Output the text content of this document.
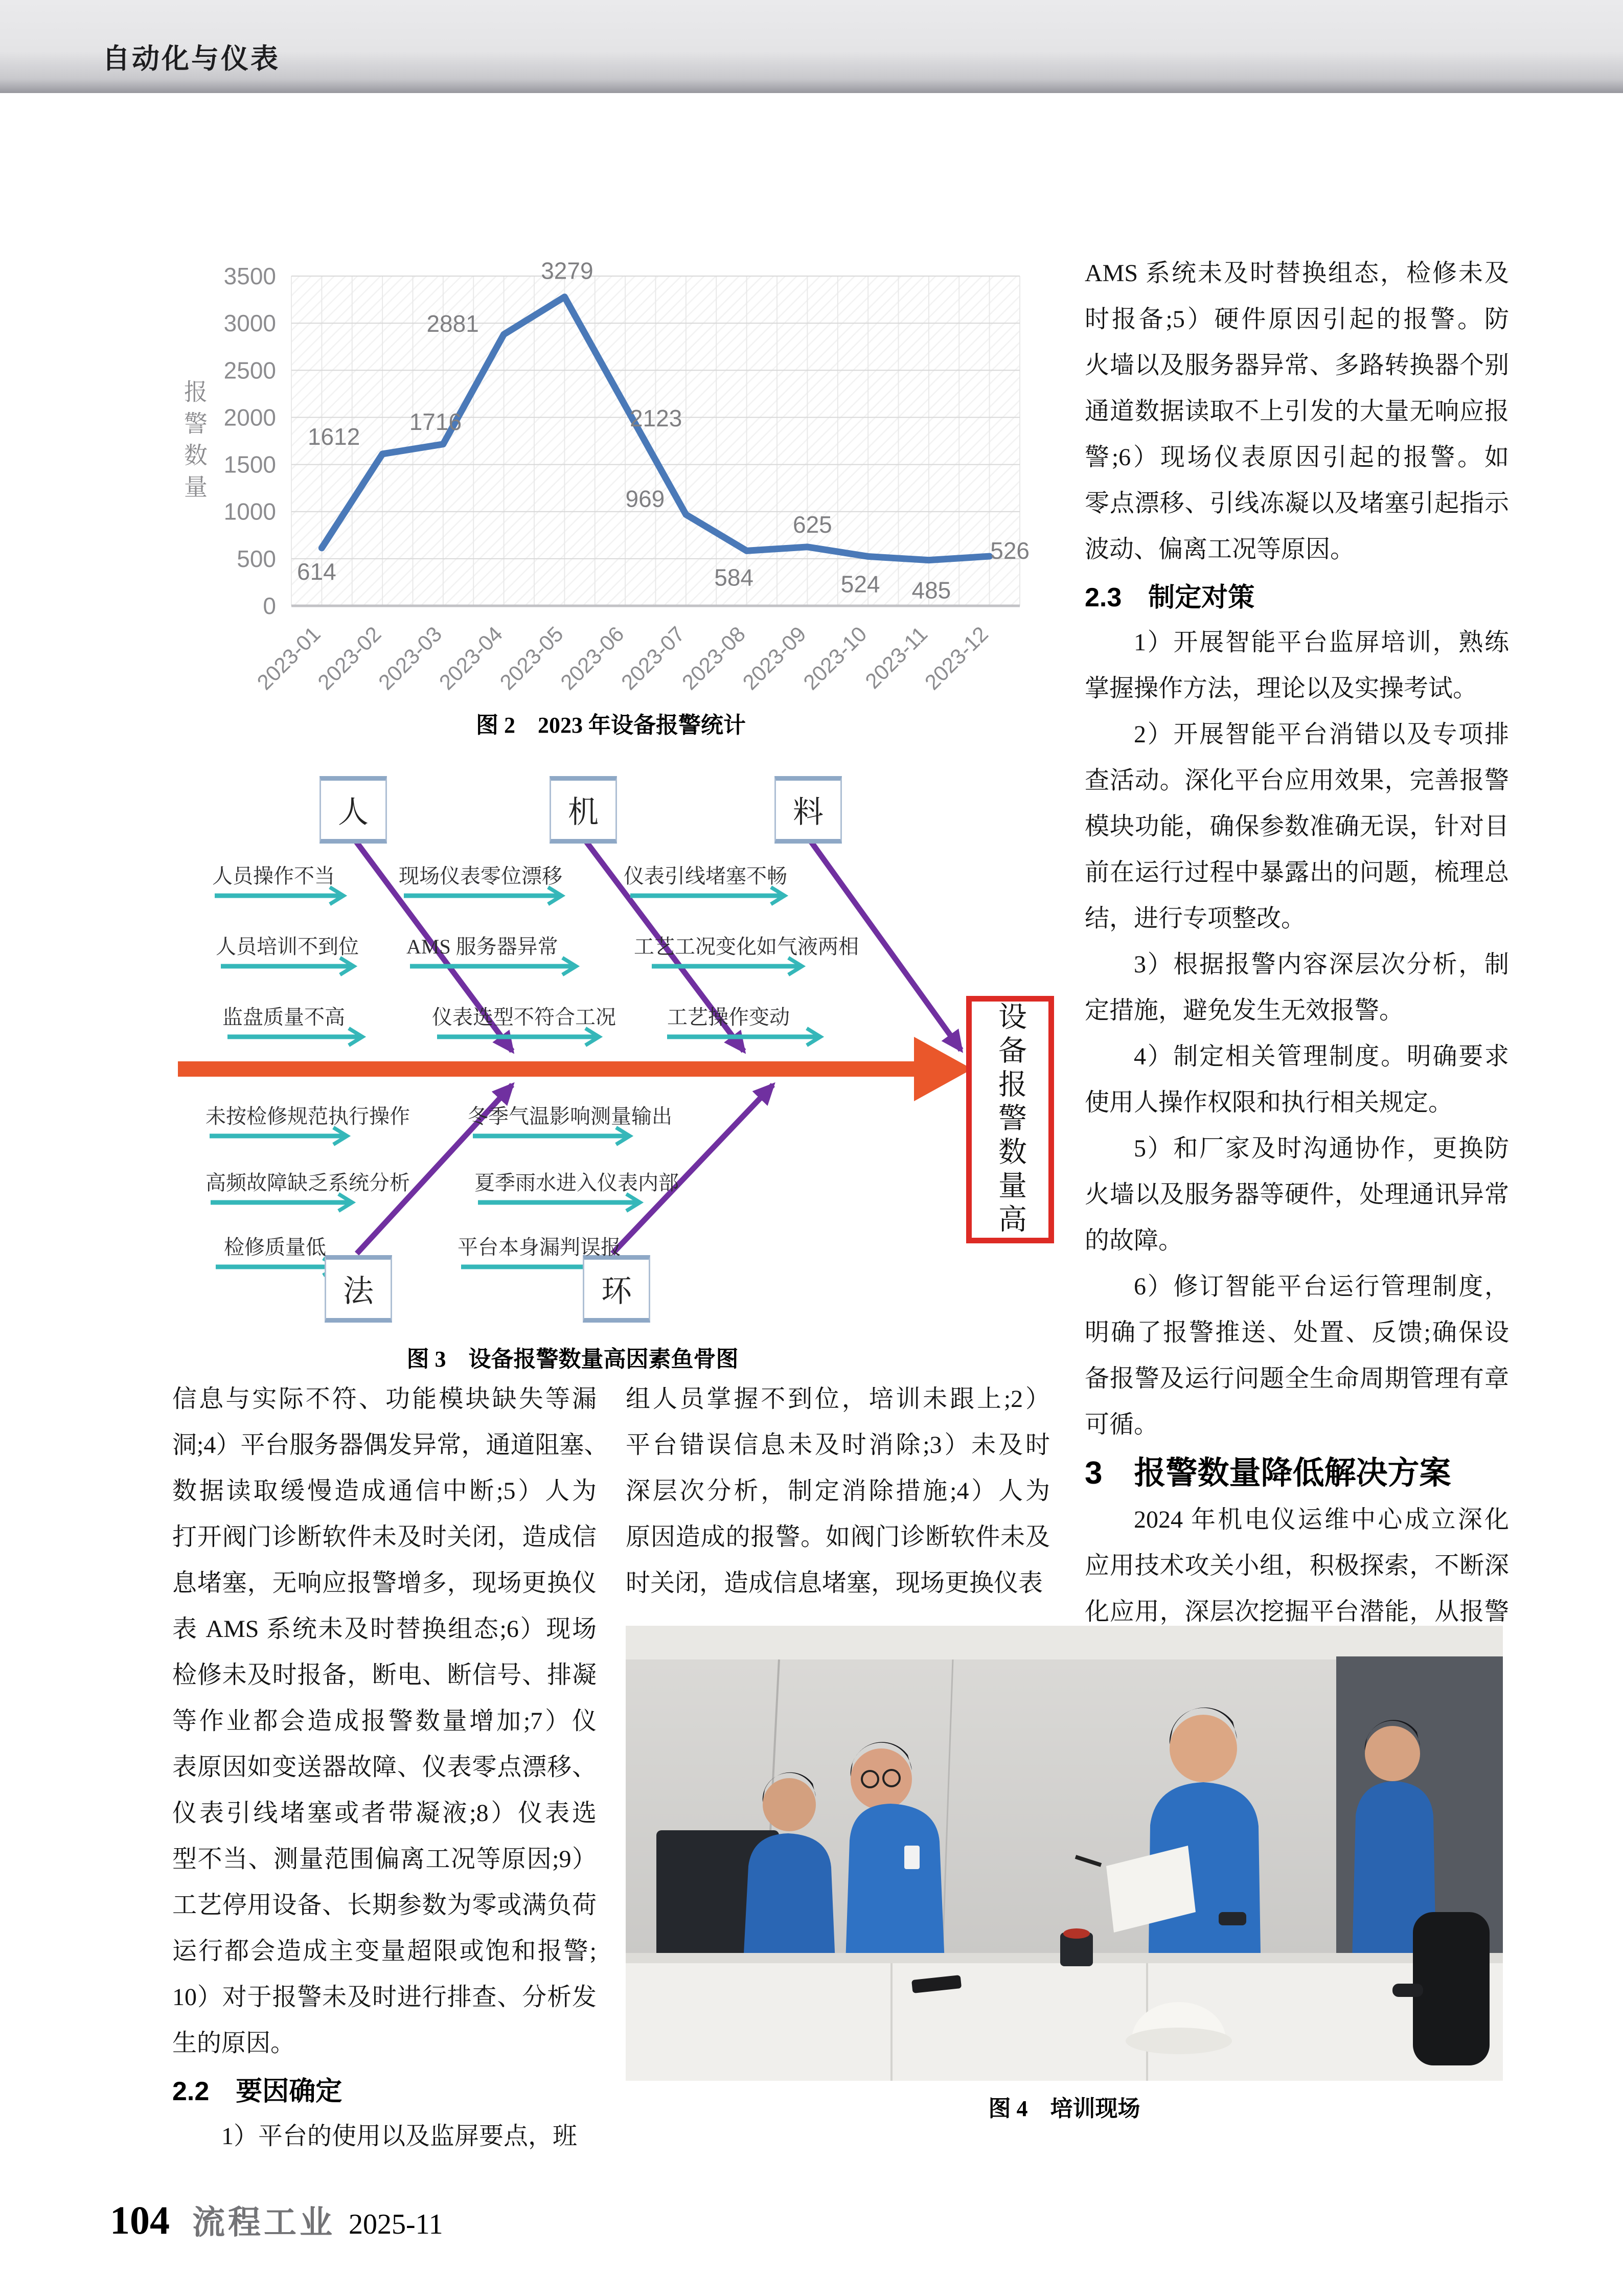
自动化与仪表
0
500
1000
1500
2000
2500
3000
3500
614
1612
1716
2881
3279
2123
969
584
625
524 485
526
2023-01
2023-02
2023-03
2023-04
2023-05
2023-06
2023-07
2023-08
2023-09
2023-10
2023-11
2023-12
报警数量
图 2　2023 年设备报警统计
人	机	料
法	环
人员操作不当
人员培训不到位
监盘质量不高
现场仪表零位漂移
AMS 服务器异常
仪表选型不符合工况
仪表引线堵塞不畅
工艺工况变化如气液两相
工艺操作变动
未按检修规范执行操作
高频故障缺乏系统分析
检修质量低
冬季气温影响测量输出
夏季雨水进入仪表内部
平台本身漏判误报
设备报警数量高
图 3　设备报警数量高因素鱼骨图
信息与实际不符、功能模块缺失等漏
洞;4）平台服务器偶发异常，通道阻塞、
数据读取缓慢造成通信中断;5）人为
打开阀门诊断软件未及时关闭，造成信
息堵塞，无响应报警增多，现场更换仪
表 AMS 系统未及时替换组态;6）现场
检修未及时报备，断电、断信号、排凝
等作业都会造成报警数量增加;7）仪
表原因如变送器故障、仪表零点漂移、
仪表引线堵塞或者带凝液;8）仪表选
型不当、测量范围偏离工况等原因;9）
工艺停用设备、长期参数为零或满负荷
运行都会造成主变量超限或饱和报警;
10）对于报警未及时进行排查、分析发
生的原因。
2.2　要因确定
1）平台的使用以及监屏要点，班
组人员掌握不到位，培训未跟上;2）
平台错误信息未及时消除;3）未及时
深层次分析，制定消除措施;4）人为
原因造成的报警。如阀门诊断软件未及
时关闭，造成信息堵塞，现场更换仪表
AMS 系统未及时替换组态，检修未及
时报备;5）硬件原因引起的报警。防
火墙以及服务器异常、多路转换器个别
通道数据读取不上引发的大量无响应报
警;6）现场仪表原因引起的报警。如
零点漂移、引线冻凝以及堵塞引起指示
波动、偏离工况等原因。
2.3　制定对策
1）开展智能平台监屏培训，熟练
掌握操作方法，理论以及实操考试。
2）开展智能平台消错以及专项排
查活动。深化平台应用效果，完善报警
模块功能，确保参数准确无误，针对目
前在运行过程中暴露出的问题，梳理总
结，进行专项整改。
3）根据报警内容深层次分析，制
定措施，避免发生无效报警。
4）制定相关管理制度。明确要求
使用人操作权限和执行相关规定。
5）和厂家及时沟通协作，更换防
火墙以及服务器等硬件，处理通讯异常
的故障。
6）修订智能平台运行管理制度，
明确了报警推送、处置、反馈;确保设
备报警及运行问题全生命周期管理有章
可循。
3　报警数量降低解决方案
2024 年机电仪运维中心成立深化
应用技术攻关小组，积极探索，不断深
化应用，深层次挖掘平台潜能，从报警
图 4　培训现场
104 流程工业 2025-11
